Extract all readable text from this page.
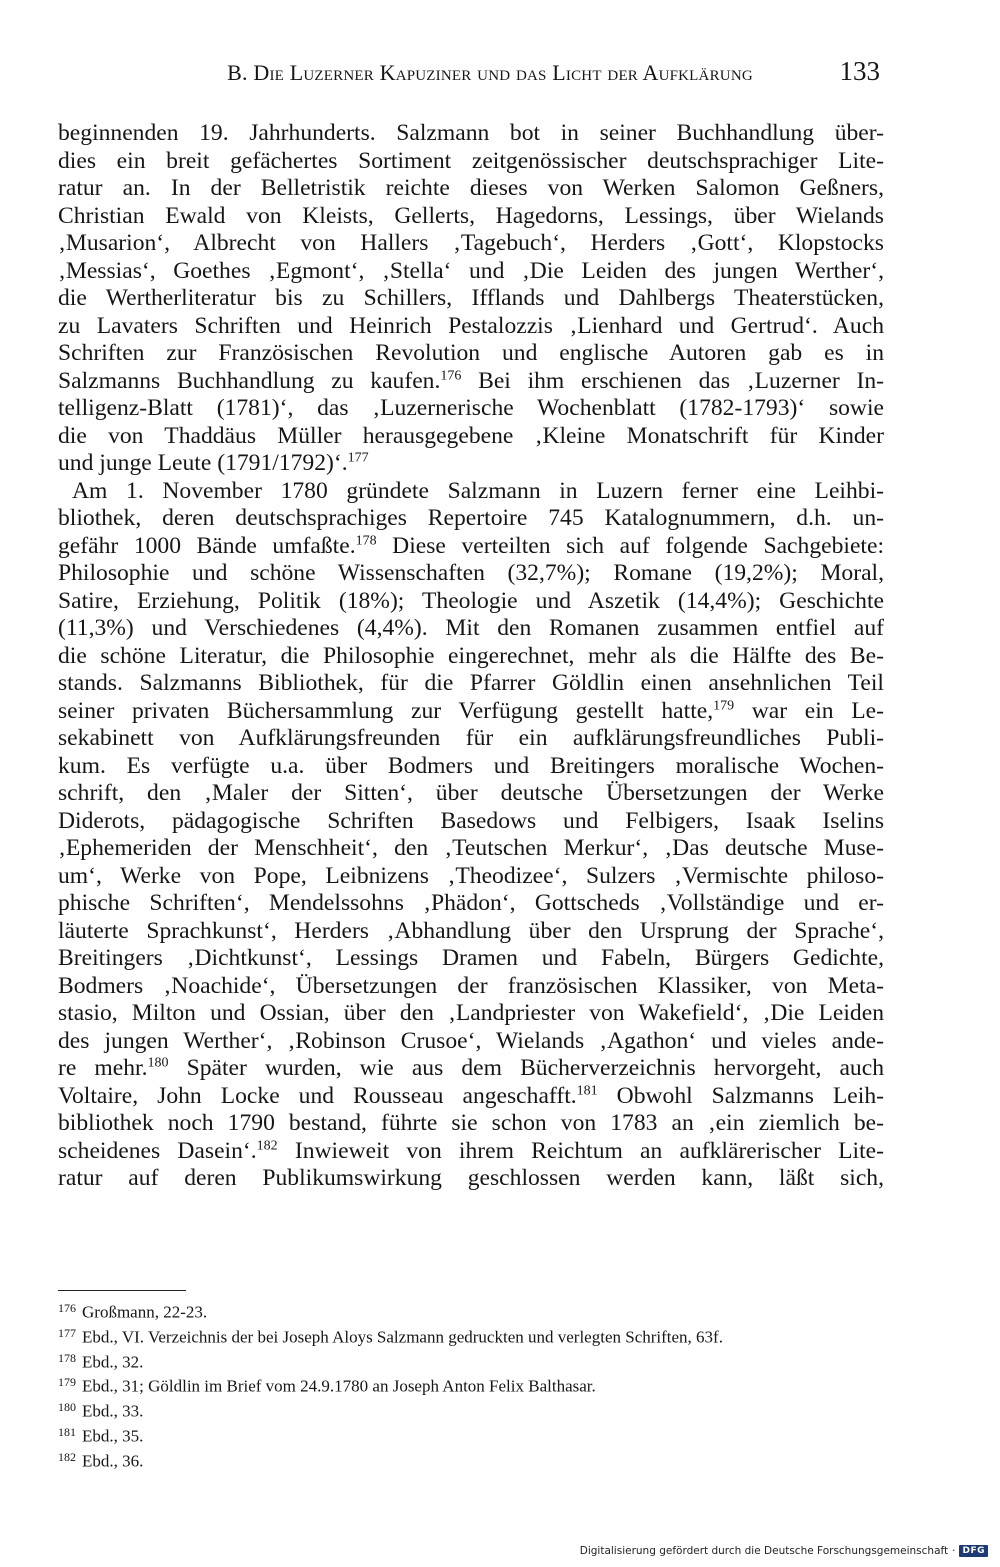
B. Die Luzerner Kapuziner und das Licht der Aufklärung	133
beginnenden 19. Jahrhunderts. Salzmann bot in seiner Buchhandlung über-
dies ein breit gefächertes Sortiment zeitgenössischer deutschsprachiger Lite-
ratur an. In der Belletristik reichte dieses von Werken Salomon Geßners,
Christian Ewald von Kleists, Gellerts, Hagedorns, Lessings, über Wielands
‚Musarion‘, Albrecht von Hallers ‚Tagebuch‘, Herders ‚Gott‘, Klopstocks
‚Messias‘, Goethes ‚Egmont‘, ‚Stella‘ und ‚Die Leiden des jungen Werther‘,
die Wertherliteratur bis zu Schillers, Ifflands und Dahlbergs Theaterstücken,
zu Lavaters Schriften und Heinrich Pestalozzis ‚Lienhard und Gertrud‘. Auch
Schriften zur Französischen Revolution und englische Autoren gab es in
Salzmanns Buchhandlung zu kaufen.$^{176}$ Bei ihm erschienen das ‚Luzerner In-
telligenz-Blatt (1781)‘, das ‚Luzernerische Wochenblatt (1782-1793)‘ sowie
die von Thaddäus Müller herausgegebene ‚Kleine Monatschrift für Kinder
und junge Leute (1791/1792)‘.$^{177}$
Am 1. November 1780 gründete Salzmann in Luzern ferner eine Leihbi-
bliothek, deren deutschsprachiges Repertoire 745 Katalognummern, d.h. un-
gefähr 1000 Bände umfaßte.$^{178}$ Diese verteilten sich auf folgende Sachgebiete:
Philosophie und schöne Wissenschaften (32,7%); Romane (19,2%); Moral,
Satire, Erziehung, Politik (18%); Theologie und Aszetik (14,4%); Geschichte
(11,3%) und Verschiedenes (4,4%). Mit den Romanen zusammen entfiel auf
die schöne Literatur, die Philosophie eingerechnet, mehr als die Hälfte des Be-
stands. Salzmanns Bibliothek, für die Pfarrer Göldlin einen ansehnlichen Teil
seiner privaten Büchersammlung zur Verfügung gestellt hatte,$^{179}$ war ein Le-
sekabinett von Aufklärungsfreunden für ein aufklärungsfreundliches Publi-
kum. Es verfügte u.a. über Bodmers und Breitingers moralische Wochen-
schrift, den ‚Maler der Sitten‘, über deutsche Übersetzungen der Werke
Diderots, pädagogische Schriften Basedows und Felbigers, Isaak Iselins
‚Ephemeriden der Menschheit‘, den ‚Teutschen Merkur‘, ‚Das deutsche Muse-
um‘, Werke von Pope, Leibnizens ‚Theodizee‘, Sulzers ‚Vermischte philoso-
phische Schriften‘, Mendelssohns ‚Phädon‘, Gottscheds ‚Vollständige und er-
läuterte Sprachkunst‘, Herders ‚Abhandlung über den Ursprung der Sprache‘,
Breitingers ‚Dichtkunst‘, Lessings Dramen und Fabeln, Bürgers Gedichte,
Bodmers ‚Noachide‘, Übersetzungen der französischen Klassiker, von Meta-
stasio, Milton und Ossian, über den ‚Landpriester von Wakefield‘, ‚Die Leiden
des jungen Werther‘, ‚Robinson Crusoe‘, Wielands ‚Agathon‘ und vieles ande-
re mehr.$^{180}$ Später wurden, wie aus dem Bücherverzeichnis hervorgeht, auch
Voltaire, John Locke und Rousseau angeschafft.$^{181}$ Obwohl Salzmanns Leih-
bibliothek noch 1790 bestand, führte sie schon von 1783 an ‚ein ziemlich be-
scheidenes Dasein‘.$^{182}$ Inwieweit von ihrem Reichtum an aufklärerischer Lite-
ratur auf deren Publikumswirkung geschlossen werden kann, läßt sich,
$^{176}$ Großmann, 22-23.
$^{177}$ Ebd., VI. Verzeichnis der bei Joseph Aloys Salzmann gedruckten und verlegten Schriften, 63f.
$^{178}$ Ebd., 32.
$^{179}$ Ebd., 31; Göldlin im Brief vom 24.9.1780 an Joseph Anton Felix Balthasar.
$^{180}$ Ebd., 33.
$^{181}$ Ebd., 35.
$^{182}$ Ebd., 36.
Digitalisierung gefördert durch die Deutsche Forschungsgemeinschaft · DFG
